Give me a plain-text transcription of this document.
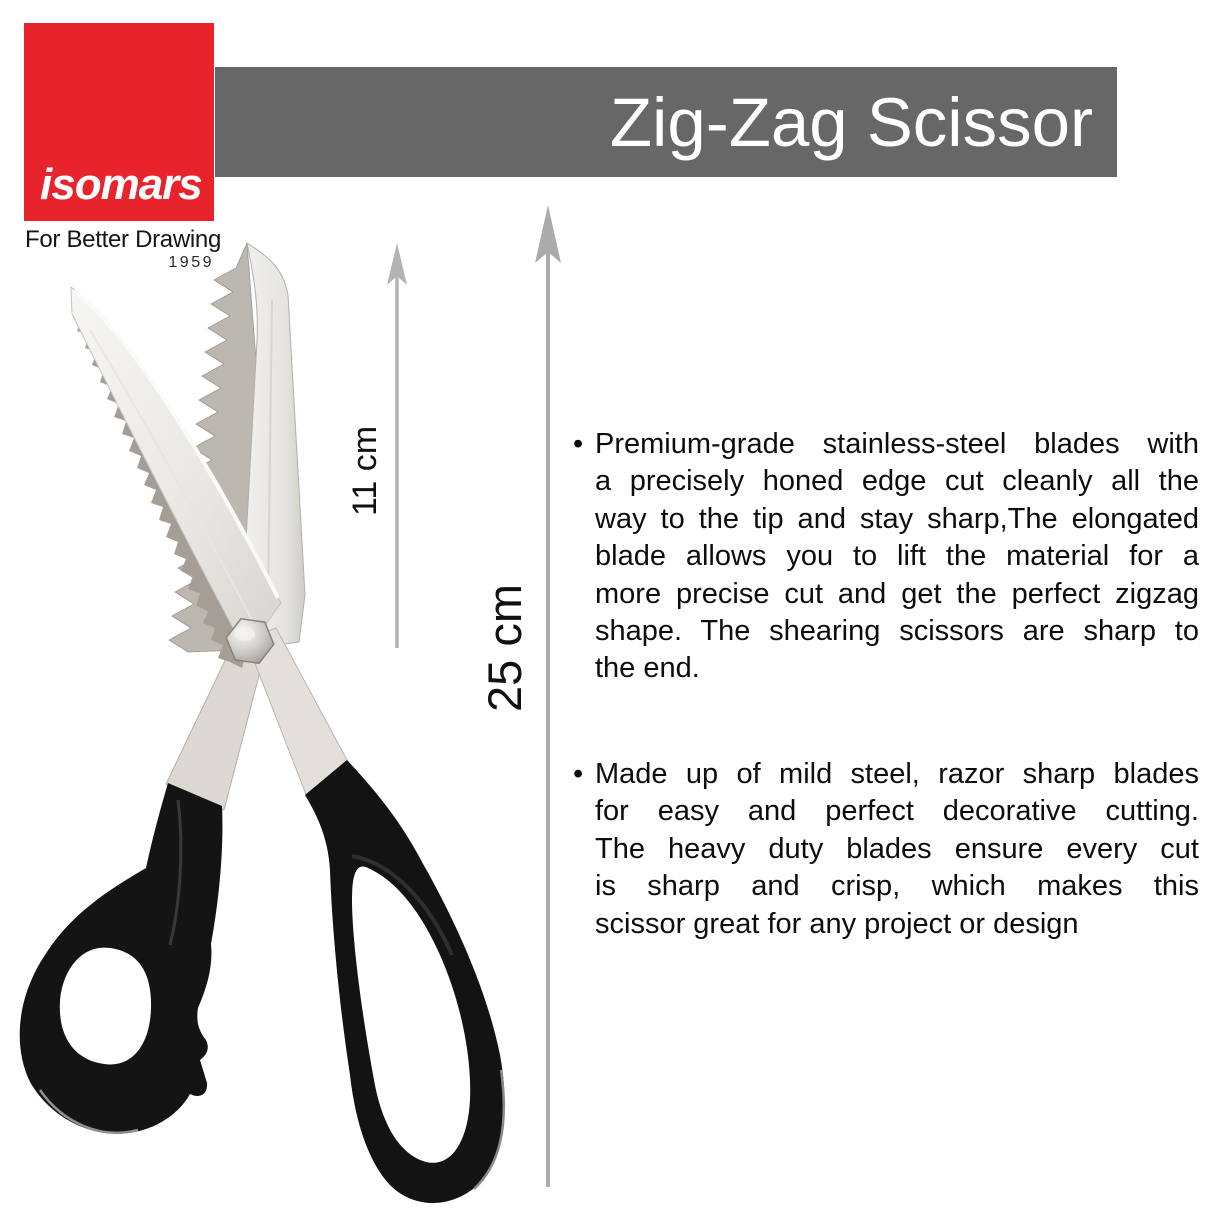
isomars
For Better Drawing
1959
Zig-Zag Scissor
11 cm
25 cm
• Premium-grade stainless-steel blades with
a precisely honed edge cut cleanly all the
way to the tip and stay sharp,The elongated
blade allows you to lift the material for a
more precise cut and get the perfect zigzag
shape. The shearing scissors are sharp to
the end.
• Made up of mild steel, razor sharp blades
for easy and perfect decorative cutting.
The heavy duty blades ensure every cut
is sharp and crisp, which makes this
scissor great for any project or design
